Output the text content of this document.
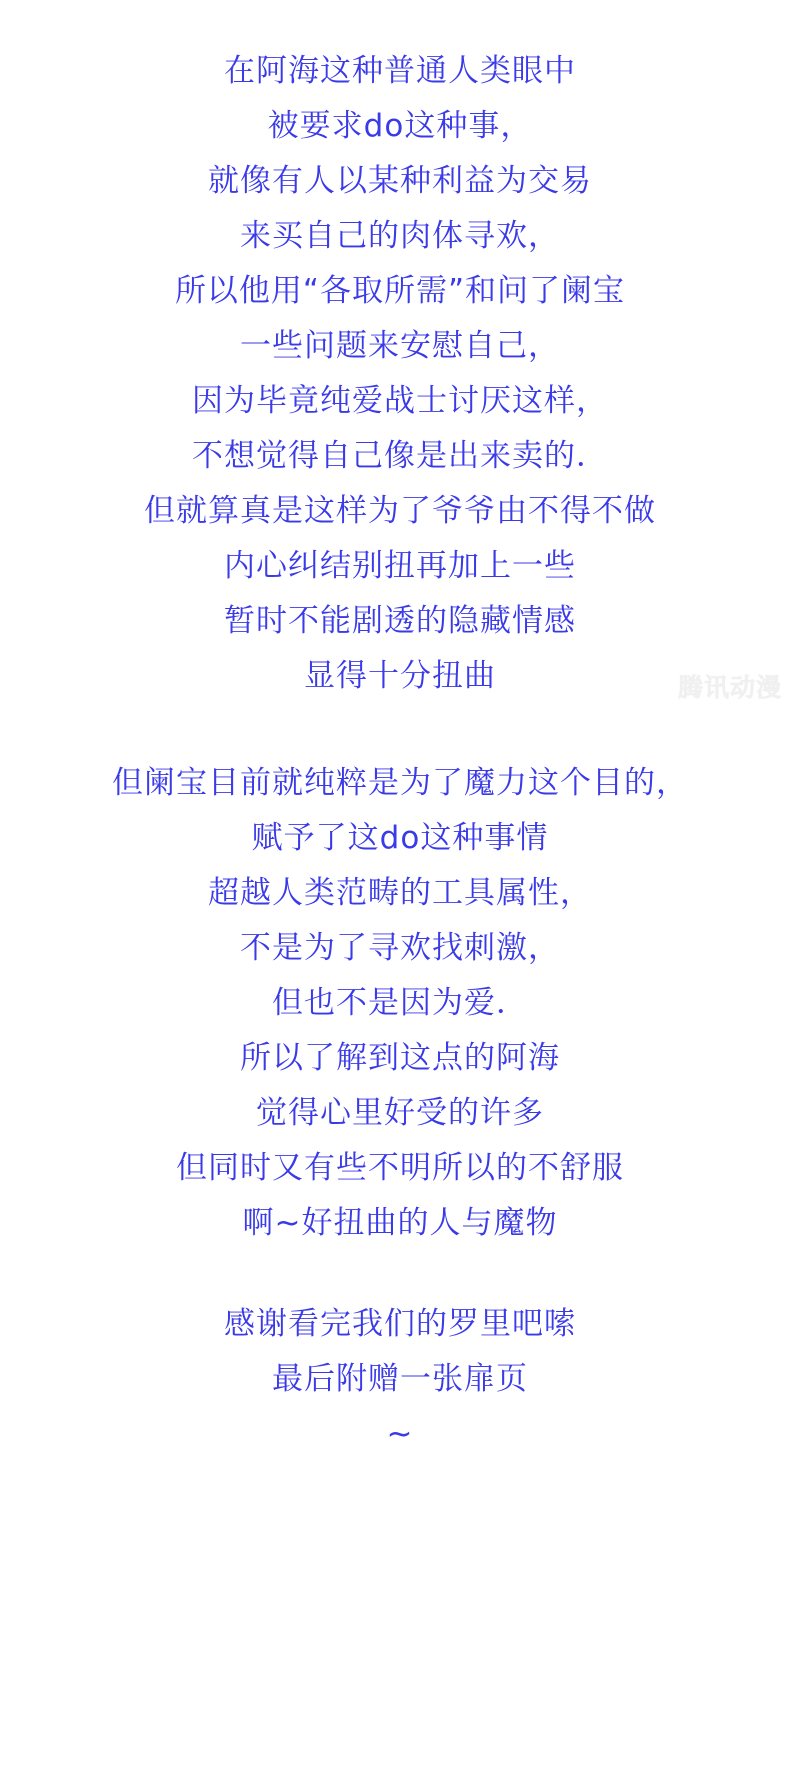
在阿海这种普通人类眼中
被要求do这种事，
就像有人以某种利益为交易
来买自己的肉体寻欢，
所以他用“各取所需”和问了阑宝
一些问题来安慰自己，
因为毕竟纯爱战士讨厌这样，
不想觉得自己像是出来卖的．
但就算真是这样为了爷爷由不得不做
内心纠结别扭再加上一些
暂时不能剧透的隐藏情感
显得十分扭曲
但阑宝目前就纯粹是为了魔力这个目的，
赋予了这do这种事情
超越人类范畴的工具属性，
不是为了寻欢找刺激，
但也不是因为爱．
所以了解到这点的阿海
觉得心里好受的许多
但同时又有些不明所以的不舒服
啊~好扭曲的人与魔物
感谢看完我们的罗里吧嗦
最后附赠一张扉页
~
腾讯动漫
